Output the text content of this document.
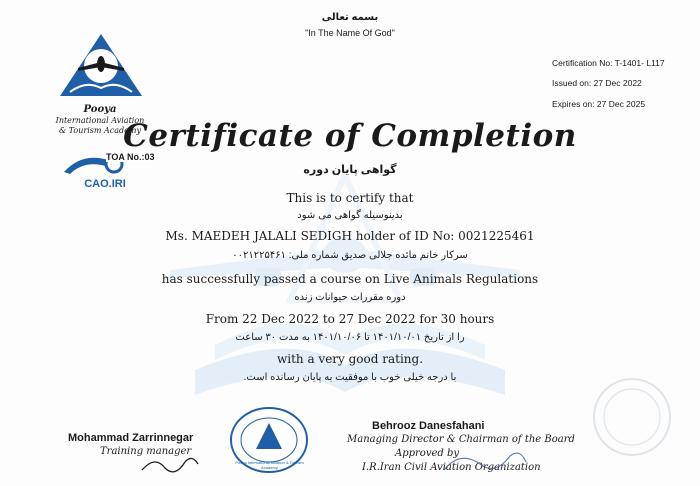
بسمه تعالی
"In The Name Of God"
Pooya
International Aviation
& Tourism Academy
TOA No.:03
CAO.IRI
Certification No: T-1401- L117
Issued on: 27 Dec 2022
Expires on: 27 Dec 2025
Certificate of Completion
گواهی پایان دوره
This is to certify that
بدینوسیله گواهی می شود
Ms. MAEDEH JALALI SEDIGH holder of ID No: 0021225461
سرکار خانم مائده جلالی صدیق شماره ملی: ۰۰۲۱۲۲۵۴۶۱
has successfully passed a course on Live Animals Regulations
دوره مقررات حیوانات زنده
From 22 Dec 2022 to 27 Dec 2022 for 30 hours
را از تاریخ ۱۴۰۱/۱۰/۰۱ تا ۱۴۰۱/۱۰/۰۶ به مدت ۳۰ ساعت
with a very good rating.
با درجه خیلی خوب با موفقیت به پایان رسانده است.
Pooya International Aviation & Tourism Academy
Mohammad Zarrinnegar
Training manager
Behrooz Danesfahani
Managing Director & Chairman of the Board
Approved by
I.R.Iran Civil Aviation Organization
